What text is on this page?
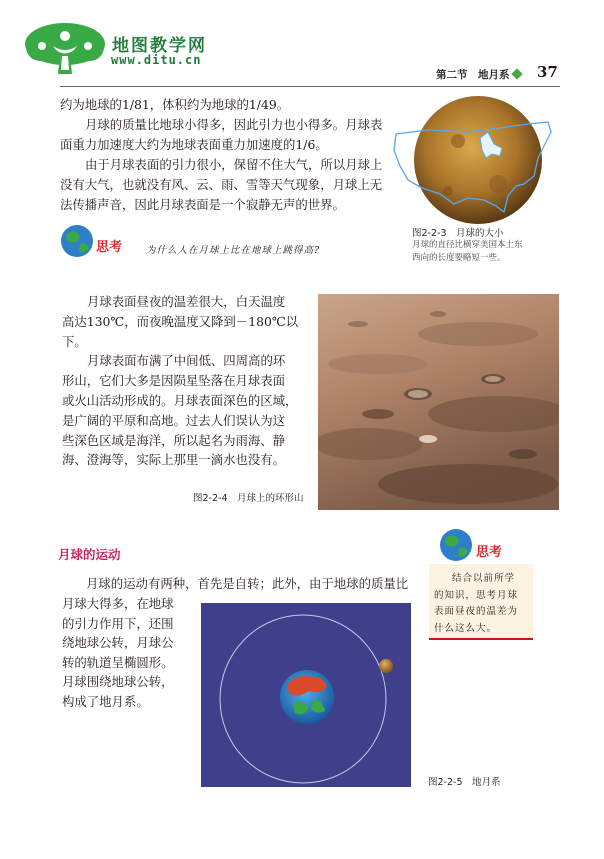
地图教学网
www.ditu.cn
第二节　地月系 37
约为地球的1/81，体积约为地球的1/49。
月球的质量比地球小得多，因此引力也小得多。月球表
面重力加速度大约为地球表面重力加速度的1/6。
由于月球表面的引力很小，保留不住大气，所以月球上
没有大气，也就没有风、云、雨、雪等天气现象，月球上无
法传播声音，因此月球表面是一个寂静无声的世界。
图2-2-3　月球的大小
月球的直径比横穿美国本土东
西向的长度要略短一些。
思考	为什么人在月球上比在地球上跳得高?
月球表面昼夜的温差很大，白天温度
高达130℃，而夜晚温度又降到－180℃以
下。
月球表面布满了中间低、四周高的环
形山，它们大多是因陨星坠落在月球表面
或火山活动形成的。月球表面深色的区域，
是广阔的平原和高地。过去人们误认为这
些深色区域是海洋，所以起名为雨海、静
海、澄海等，实际上那里一滴水也没有。
图2-2-4　月球上的环形山
月球的运动
月球的运动有两种，首先是自转；此外，由于地球的质量比
月球大得多，在地球
的引力作用下，还围
绕地球公转，月球公
转的轨道呈椭圆形。
月球围绕地球公转，
构成了地月系。
思考
结合以前所学
的知识，思考月球
表面昼夜的温差为
什么这么大。
图2-2-5　地月系
